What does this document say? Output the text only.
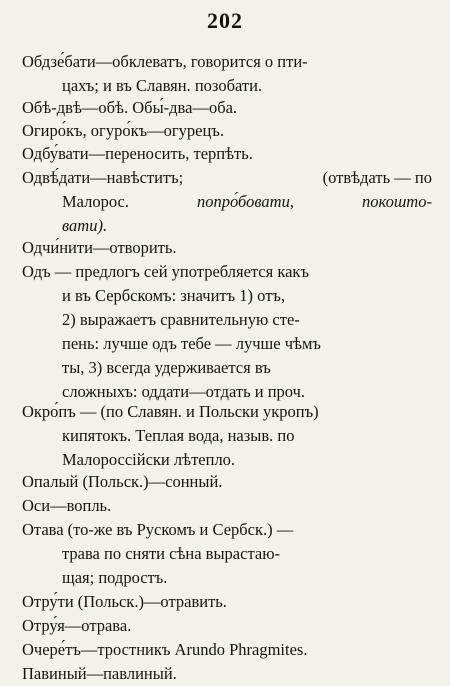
202
Обдзе́бати—обклеватъ, говорится о пти-
цахъ; и въ Славян. позобати.
Обѣ-двѣ—обѣ. Обы́-два—оба.
Огиро́къ, огуро́къ—огурецъ.
Одбу́вати—переносить, терпѣть.
Одвѣ́дати—навѣститъ;	(отвѣдать — по
Малорос.	попро́бовати,	покошто-
вати).
Одчи́нити—отворить.
Одъ — предлогъ сей употребляется какъ
и въ Сербскомъ: значитъ 1) отъ,
2) выражаетъ сравнительную сте-
пень: лучше одъ тебе — лучше чѣмъ
ты, 3) всегда удерживается въ
сложныхъ: оддати—отдать и проч.
Окро́пъ — (по Славян. и Польски укропъ)
кипятокъ. Теплая вода, назыв. по
Малороссійски лѣтепло.
Опалый (Польск.)—сонный.
Оси—вопль.
Отава (то-же въ Рускомъ и Сербск.) —
трава по сняти сѣна вырастаю-
щая; подростъ.
Отру́ти (Польск.)—отравить.
Отру́я—отрава.
Очере́тъ—тростникъ Arundo Phragmites.
Павиный—павлиный.
